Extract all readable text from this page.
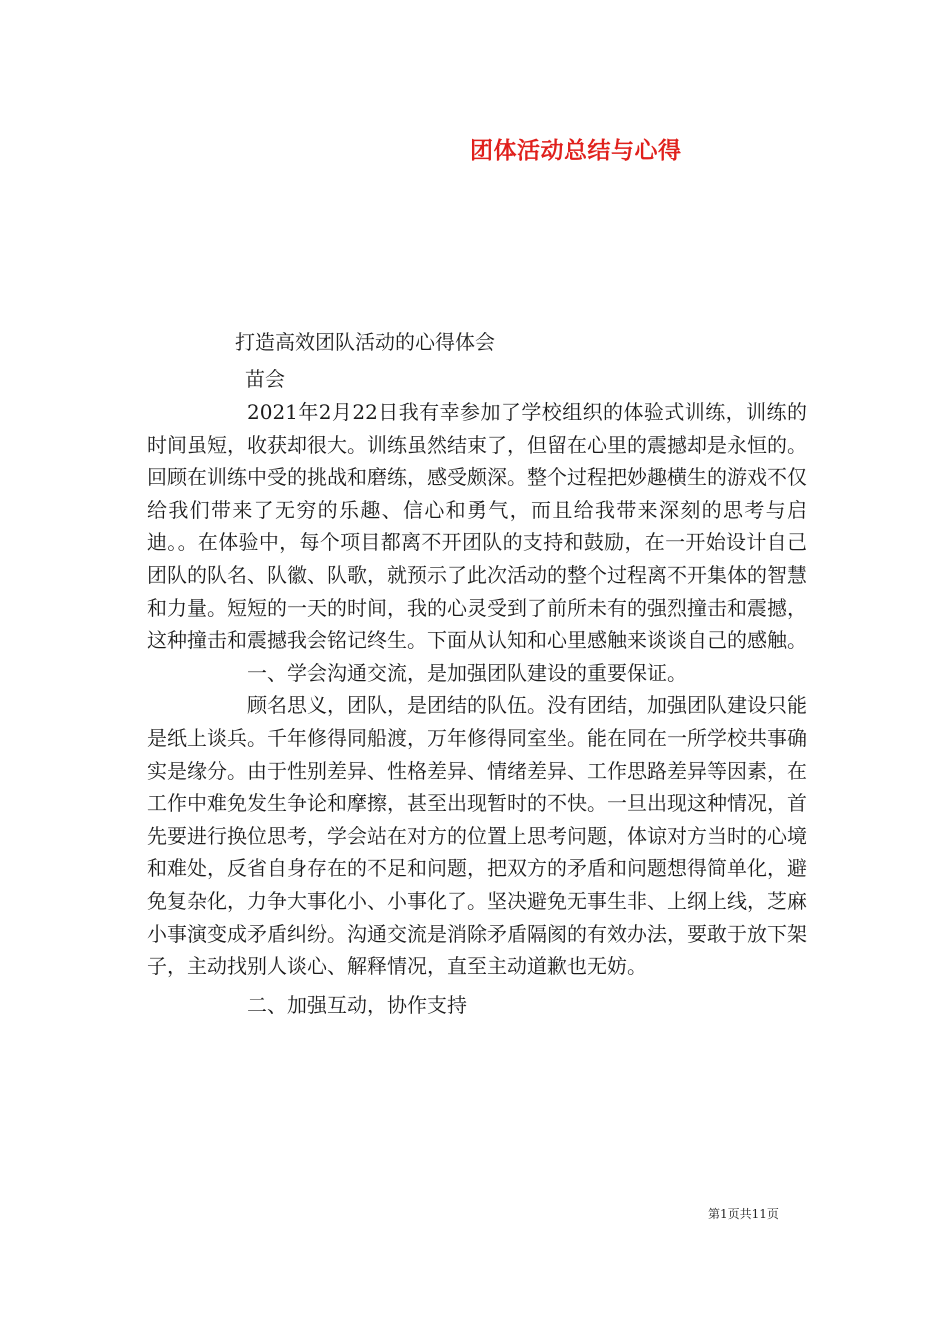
团体活动总结与心得
打造高效团队活动的心得体会
苗会

2021年2月22日我有幸参加了学校组织的体验式训练，训练的时间虽短，收获却很大。训练虽然结束了，但留在心里的震撼却是永恒的。回顾在训练中受的挑战和磨练，感受颇深。整个过程把妙趣横生的游戏不仅给我们带来了无穷的乐趣、信心和勇气，而且给我带来深刻的思考与启迪。。在体验中，每个项目都离不开团队的支持和鼓励，在一开始设计自己团队的队名、队徽、队歌，就预示了此次活动的整个过程离不开集体的智慧和力量。短短的一天的时间，我的心灵受到了前所未有的强烈撞击和震撼，这种撞击和震撼我会铭记终生。下面从认知和心里感触来谈谈自己的感触。

一、学会沟通交流，是加强团队建设的重要保证。

顾名思义，团队，是团结的队伍。没有团结，加强团队建设只能是纸上谈兵。千年修得同船渡，万年修得同室坐。能在同在一所学校共事确实是缘分。由于性别差异、性格差异、情绪差异、工作思路差异等因素，在工作中难免发生争论和摩擦，甚至出现暂时的不快。一旦出现这种情况，首先要进行换位思考，学会站在对方的位置上思考问题，体谅对方当时的心境和难处，反省自身存在的不足和问题，把双方的矛盾和问题想得简单化，避免复杂化，力争大事化小、小事化了。坚决避免无事生非、上纲上线，芝麻小事演变成矛盾纠纷。沟通交流是消除矛盾隔阂的有效办法，要敢于放下架子，主动找别人谈心、解释情况，直至主动道歉也无妨。

二、加强互动，协作支持

第1页共11页
